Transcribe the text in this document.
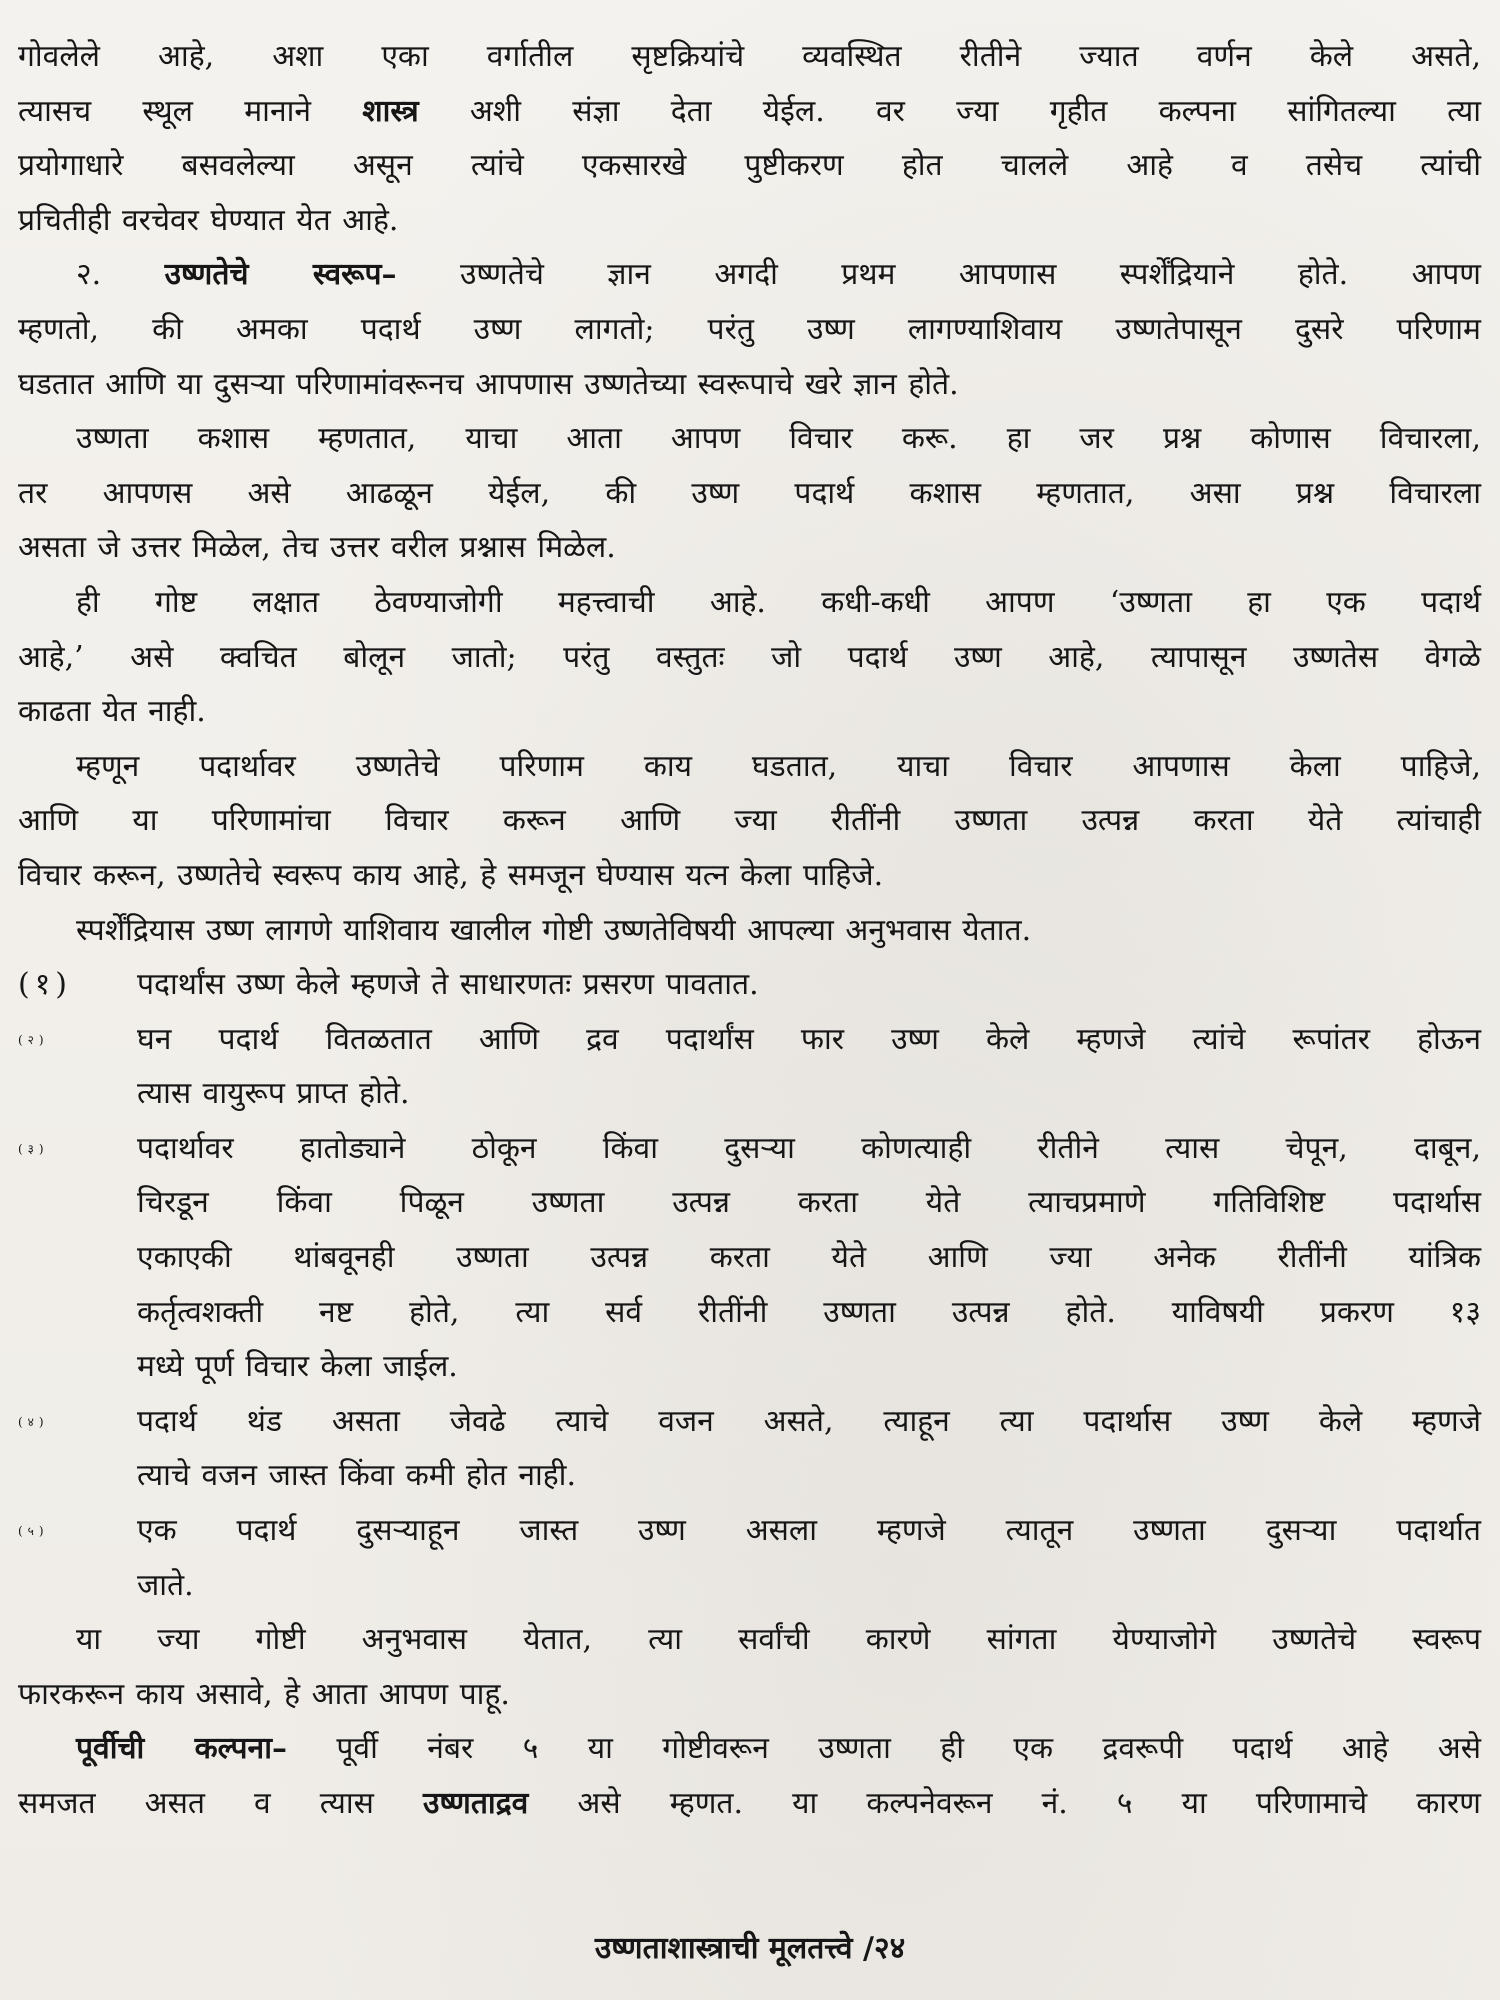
गोवलेले आहे, अशा एका वर्गातील सृष्टक्रियांचे व्यवस्थित रीतीने ज्यात वर्णन केले असते,
त्यासच स्थूल मानाने शास्त्र अशी संज्ञा देता येईल. वर ज्या गृहीत कल्पना सांगितल्या त्या
प्रयोगाधारे बसवलेल्या असून त्यांचे एकसारखे पुष्टीकरण होत चालले आहे व तसेच त्यांची
प्रचितीही वरचेवर घेण्यात येत आहे.
२. उष्णतेचे स्वरूप– उष्णतेचे ज्ञान अगदी प्रथम आपणास स्पर्शेंद्रियाने होते. आपण
म्हणतो, की अमका पदार्थ उष्ण लागतो; परंतु उष्ण लागण्याशिवाय उष्णतेपासून दुसरे परिणाम
घडतात आणि या दुसऱ्या परिणामांवरूनच आपणास उष्णतेच्या स्वरूपाचे खरे ज्ञान होते.
उष्णता कशास म्हणतात, याचा आता आपण विचार करू. हा जर प्रश्न कोणास विचारला,
तर आपणस असे आढळून येईल, की उष्ण पदार्थ कशास म्हणतात, असा प्रश्न विचारला
असता जे उत्तर मिळेल, तेच उत्तर वरील प्रश्नास मिळेल.
ही गोष्ट लक्षात ठेवण्याजोगी महत्त्वाची आहे. कधी-कधी आपण ‘उष्णता हा एक पदार्थ
आहे,’ असे क्वचित बोलून जातो; परंतु वस्तुतः जो पदार्थ उष्ण आहे, त्यापासून उष्णतेस वेगळे
काढता येत नाही.
म्हणून पदार्थावर उष्णतेचे परिणाम काय घडतात, याचा विचार आपणास केला पाहिजे,
आणि या परिणामांचा विचार करून आणि ज्या रीतींनी उष्णता उत्पन्न करता येते त्यांचाही
विचार करून, उष्णतेचे स्वरूप काय आहे, हे समजून घेण्यास यत्न केला पाहिजे.
स्पर्शेंद्रियास उष्ण लागणे याशिवाय खालील गोष्टी उष्णतेविषयी आपल्या अनुभवास येतात.
(१)	पदार्थांस उष्ण केले म्हणजे ते साधारणतः प्रसरण पावतात.
(२)	घन पदार्थ वितळतात आणि द्रव पदार्थांस फार उष्ण केले म्हणजे त्यांचे रूपांतर होऊन
त्यास वायुरूप प्राप्त होते.
(३)	पदार्थावर हातोड्याने ठोकून किंवा दुसऱ्या कोणत्याही रीतीने त्यास चेपून, दाबून,
चिरडून किंवा पिळून उष्णता उत्पन्न करता येते त्याचप्रमाणे गतिविशिष्ट पदार्थास
एकाएकी थांबवूनही उष्णता उत्पन्न करता येते आणि ज्या अनेक रीतींनी यांत्रिक
कर्तृत्वशक्ती नष्ट होते, त्या सर्व रीतींनी उष्णता उत्पन्न होते. याविषयी प्रकरण १३
मध्ये पूर्ण विचार केला जाईल.
(४)	पदार्थ थंड असता जेवढे त्याचे वजन असते, त्याहून त्या पदार्थास उष्ण केले म्हणजे
त्याचे वजन जास्त किंवा कमी होत नाही.
(५)	एक पदार्थ दुसऱ्याहून जास्त उष्ण असला म्हणजे त्यातून उष्णता दुसऱ्या पदार्थात
जाते.
या ज्या गोष्टी अनुभवास येतात, त्या सर्वांची कारणे सांगता येण्याजोगे उष्णतेचे स्वरूप
फारकरून काय असावे, हे आता आपण पाहू.
पूर्वीची कल्पना– पूर्वी नंबर ५ या गोष्टीवरून उष्णता ही एक द्रवरूपी पदार्थ आहे असे
समजत असत व त्यास उष्णताद्रव असे म्हणत. या कल्पनेवरून नं. ५ या परिणामाचे कारण
उष्णताशास्त्राची मूलतत्त्वे /२४
